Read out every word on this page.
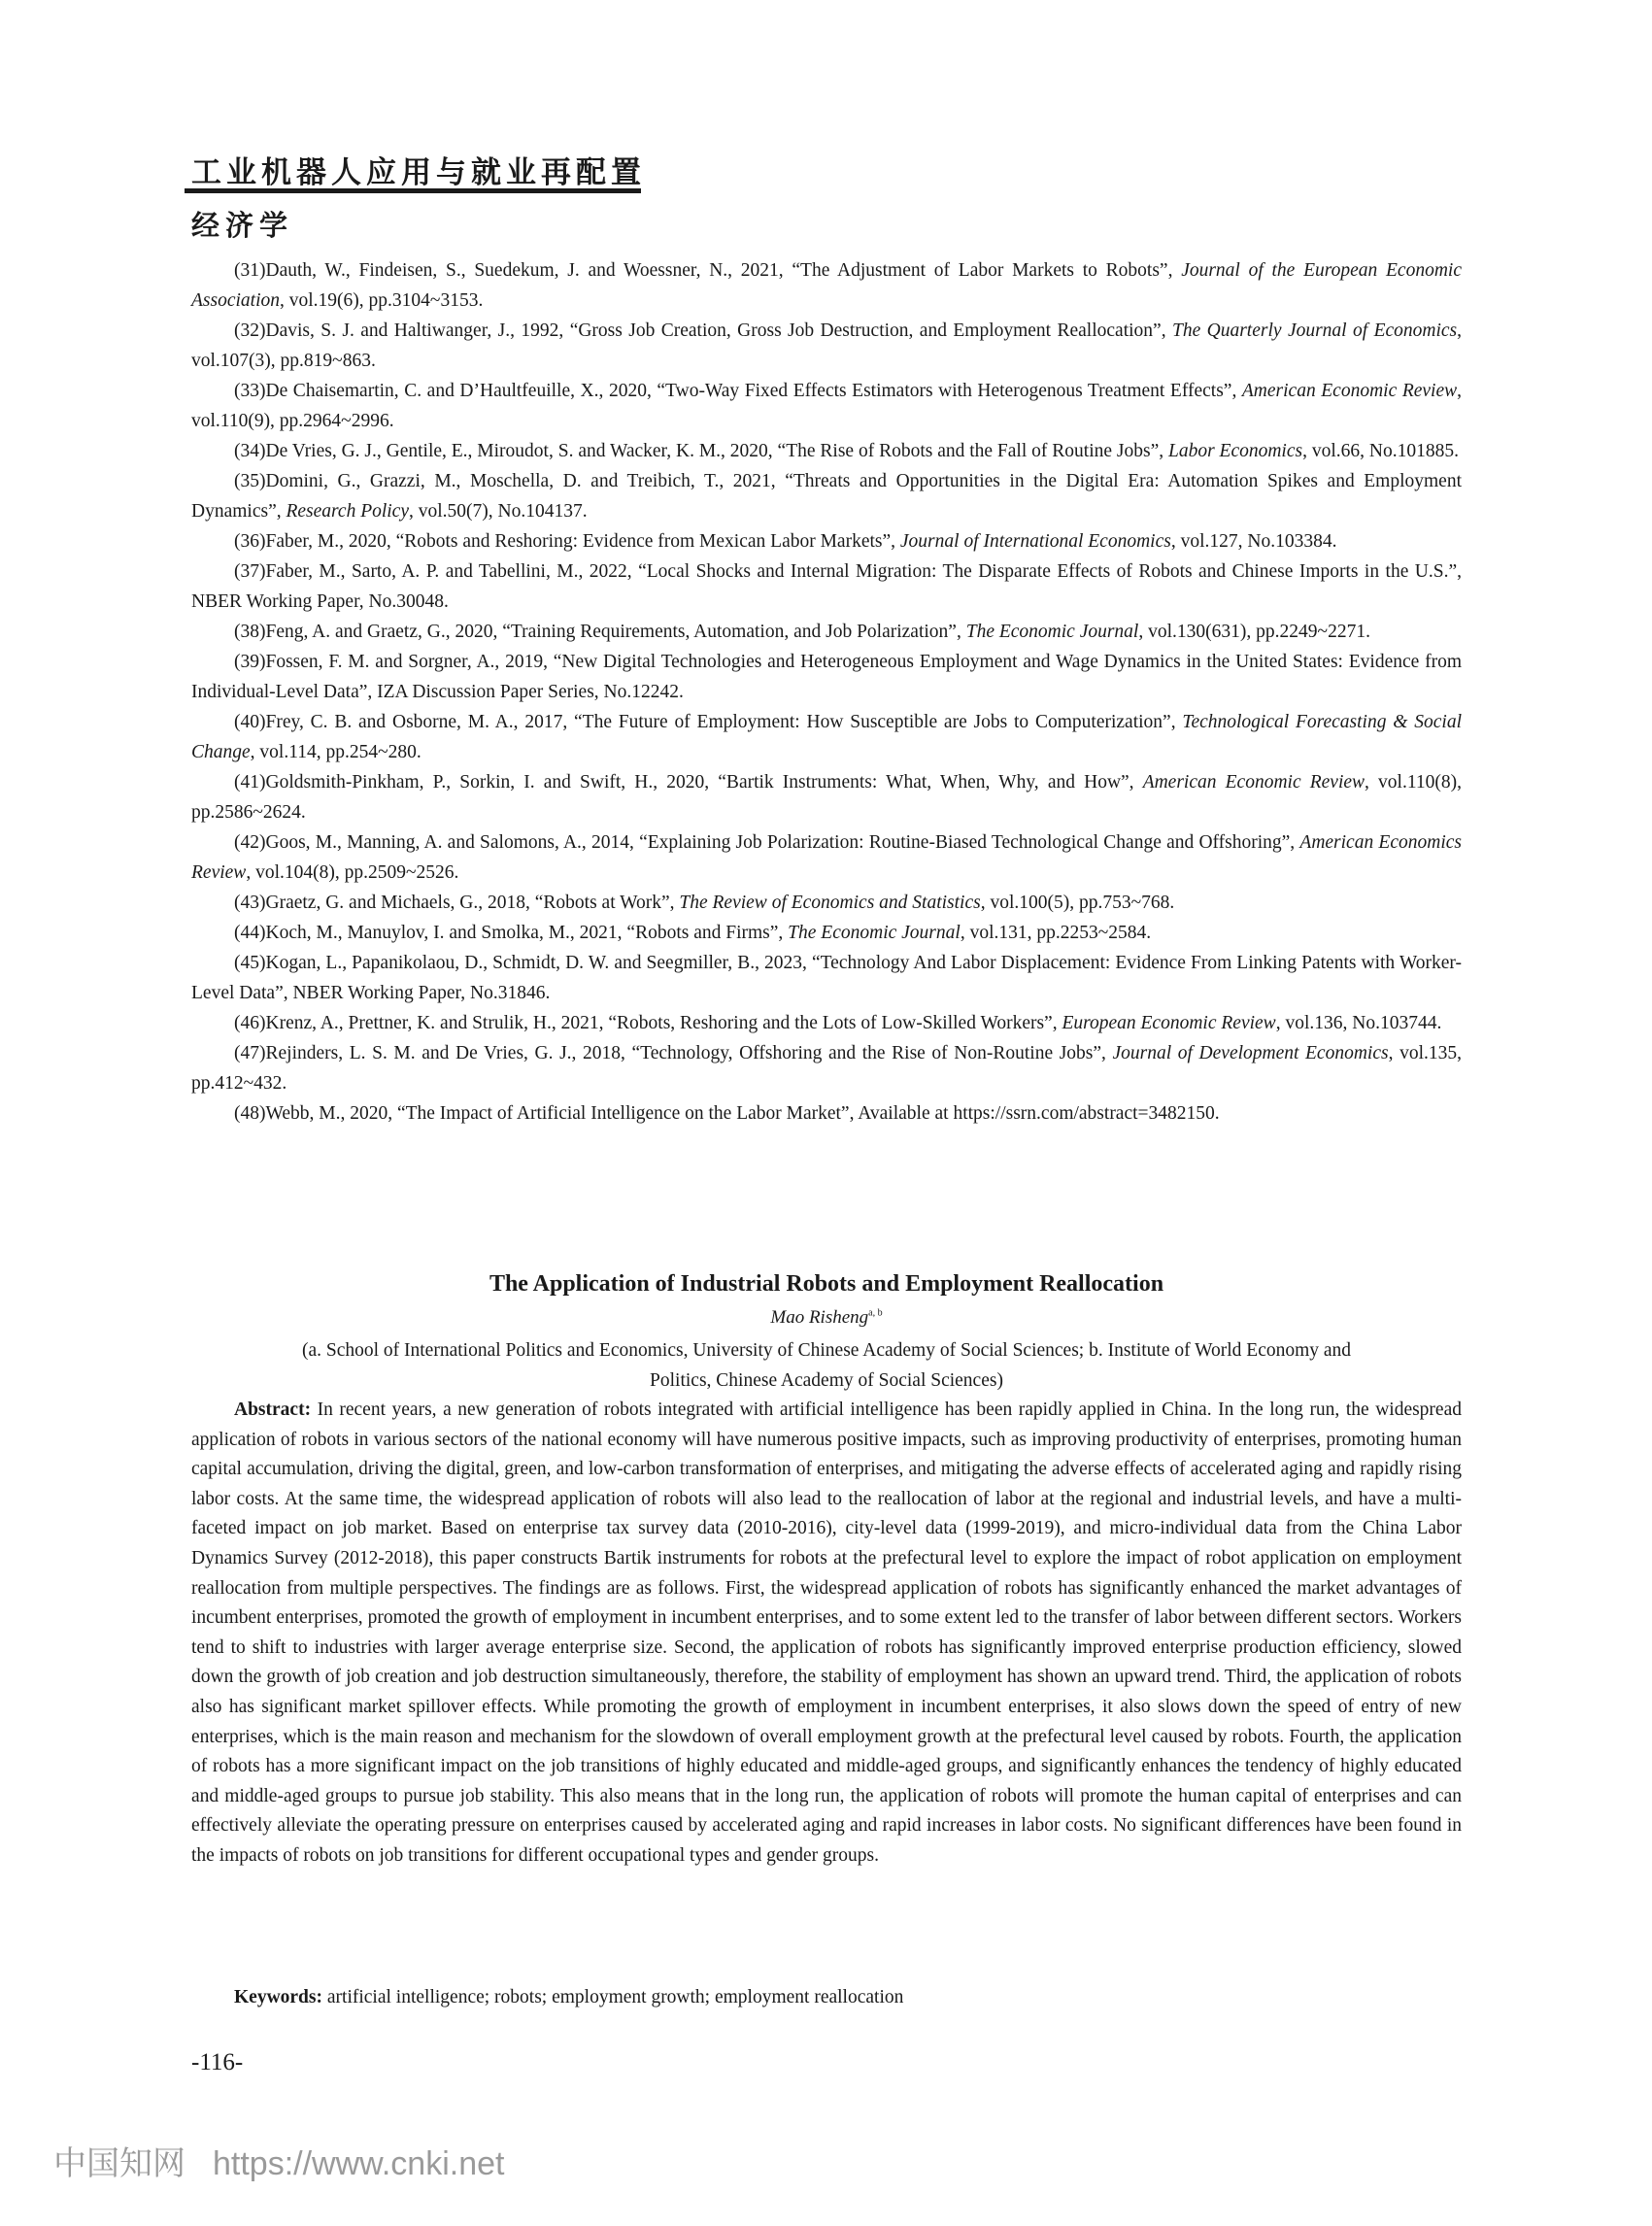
工业机器人应用与就业再配置
经济学

(31)Dauth, W., Findeisen, S., Suedekum, J. and Woessner, N., 2021, “The Adjustment of Labor Markets to Robots”, Journal of the European Economic Association, vol.19(6), pp.3104~3153.

(32)Davis, S. J. and Haltiwanger, J., 1992, “Gross Job Creation, Gross Job Destruction, and Employment Reallocation”, The Quarterly Journal of Economics, vol.107(3), pp.819~863.

(33)De Chaisemartin, C. and D’Haultfeuille, X., 2020, “Two-Way Fixed Effects Estimators with Heterogenous Treatment Effects”, American Economic Review, vol.110(9), pp.2964~2996.

(34)De Vries, G. J., Gentile, E., Miroudot, S. and Wacker, K. M., 2020, “The Rise of Robots and the Fall of Routine Jobs”, Labor Economics, vol.66, No.101885.

(35)Domini, G., Grazzi, M., Moschella, D. and Treibich, T., 2021, “Threats and Opportunities in the Digital Era: Automation Spikes and Employment Dynamics”, Research Policy, vol.50(7), No.104137.

(36)Faber, M., 2020, “Robots and Reshoring: Evidence from Mexican Labor Markets”, Journal of International Economics, vol.127, No.103384.

(37)Faber, M., Sarto, A. P. and Tabellini, M., 2022, “Local Shocks and Internal Migration: The Disparate Effects of Robots and Chinese Imports in the U.S.”, NBER Working Paper, No.30048.

(38)Feng, A. and Graetz, G., 2020, “Training Requirements, Automation, and Job Polarization”, The Economic Journal, vol.130(631), pp.2249~2271.

(39)Fossen, F. M. and Sorgner, A., 2019, “New Digital Technologies and Heterogeneous Employment and Wage Dynamics in the United States: Evidence from Individual-Level Data”, IZA Discussion Paper Series, No.12242.

(40)Frey, C. B. and Osborne, M. A., 2017, “The Future of Employment: How Susceptible are Jobs to Computerization”, Technological Forecasting & Social Change, vol.114, pp.254~280.

(41)Goldsmith-Pinkham, P., Sorkin, I. and Swift, H., 2020, “Bartik Instruments: What, When, Why, and How”, American Economic Review, vol.110(8), pp.2586~2624.

(42)Goos, M., Manning, A. and Salomons, A., 2014, “Explaining Job Polarization: Routine-Biased Technological Change and Offshoring”, American Economics Review, vol.104(8), pp.2509~2526.

(43)Graetz, G. and Michaels, G., 2018, “Robots at Work”, The Review of Economics and Statistics, vol.100(5), pp.753~768.

(44)Koch, M., Manuylov, I. and Smolka, M., 2021, “Robots and Firms”, The Economic Journal, vol.131, pp.2253~2584.

(45)Kogan, L., Papanikolaou, D., Schmidt, D. W. and Seegmiller, B., 2023, “Technology And Labor Displacement: Evidence From Linking Patents with Worker-Level Data”, NBER Working Paper, No.31846.

(46)Krenz, A., Prettner, K. and Strulik, H., 2021, “Robots, Reshoring and the Lots of Low-Skilled Workers”, European Economic Review, vol.136, No.103744.

(47)Rejinders, L. S. M. and De Vries, G. J., 2018, “Technology, Offshoring and the Rise of Non-Routine Jobs”, Journal of Development Economics, vol.135, pp.412~432.

(48)Webb, M., 2020, “The Impact of Artificial Intelligence on the Labor Market”, Available at https://ssrn.com/abstract=3482150.

The Application of Industrial Robots and Employment Reallocation
Mao Risheng$^{a, b}$
(a. School of International Politics and Economics, University of Chinese Academy of Social Sciences; b. Institute of World Economy and
Politics, Chinese Academy of Social Sciences)

Abstract: In recent years, a new generation of robots integrated with artificial intelligence has been rapidly applied in China. In the long run, the widespread application of robots in various sectors of the national economy will have numerous positive impacts, such as improving productivity of enterprises, promoting human capital accumulation, driving the digital, green, and low-carbon transformation of enterprises, and mitigating the adverse effects of accelerated aging and rapidly rising labor costs. At the same time, the widespread application of robots will also lead to the reallocation of labor at the regional and industrial levels, and have a multi-faceted impact on job market. Based on enterprise tax survey data (2010-2016), city-level data (1999-2019), and micro-individual data from the China Labor Dynamics Survey (2012-2018), this paper constructs Bartik instruments for robots at the prefectural level to explore the impact of robot application on employment reallocation from multiple perspectives. The findings are as follows. First, the widespread application of robots has significantly enhanced the market advantages of incumbent enterprises, promoted the growth of employment in incumbent enterprises, and to some extent led to the transfer of labor between different sectors. Workers tend to shift to industries with larger average enterprise size. Second, the application of robots has significantly improved enterprise production efficiency, slowed down the growth of job creation and job destruction simultaneously, therefore, the stability of employment has shown an upward trend. Third, the application of robots also has significant market spillover effects. While promoting the growth of employment in incumbent enterprises, it also slows down the speed of entry of new enterprises, which is the main reason and mechanism for the slowdown of overall employment growth at the prefectural level caused by robots. Fourth, the application of robots has a more significant impact on the job transitions of highly educated and middle-aged groups, and significantly enhances the tendency of highly educated and middle-aged groups to pursue job stability. This also means that in the long run, the application of robots will promote the human capital of enterprises and can effectively alleviate the operating pressure on enterprises caused by accelerated aging and rapid increases in labor costs. No significant differences have been found in the impacts of robots on job transitions for different occupational types and gender groups.

Keywords: artificial intelligence; robots; employment growth; employment reallocation

-116-
中国知网 https://www.cnki.net
